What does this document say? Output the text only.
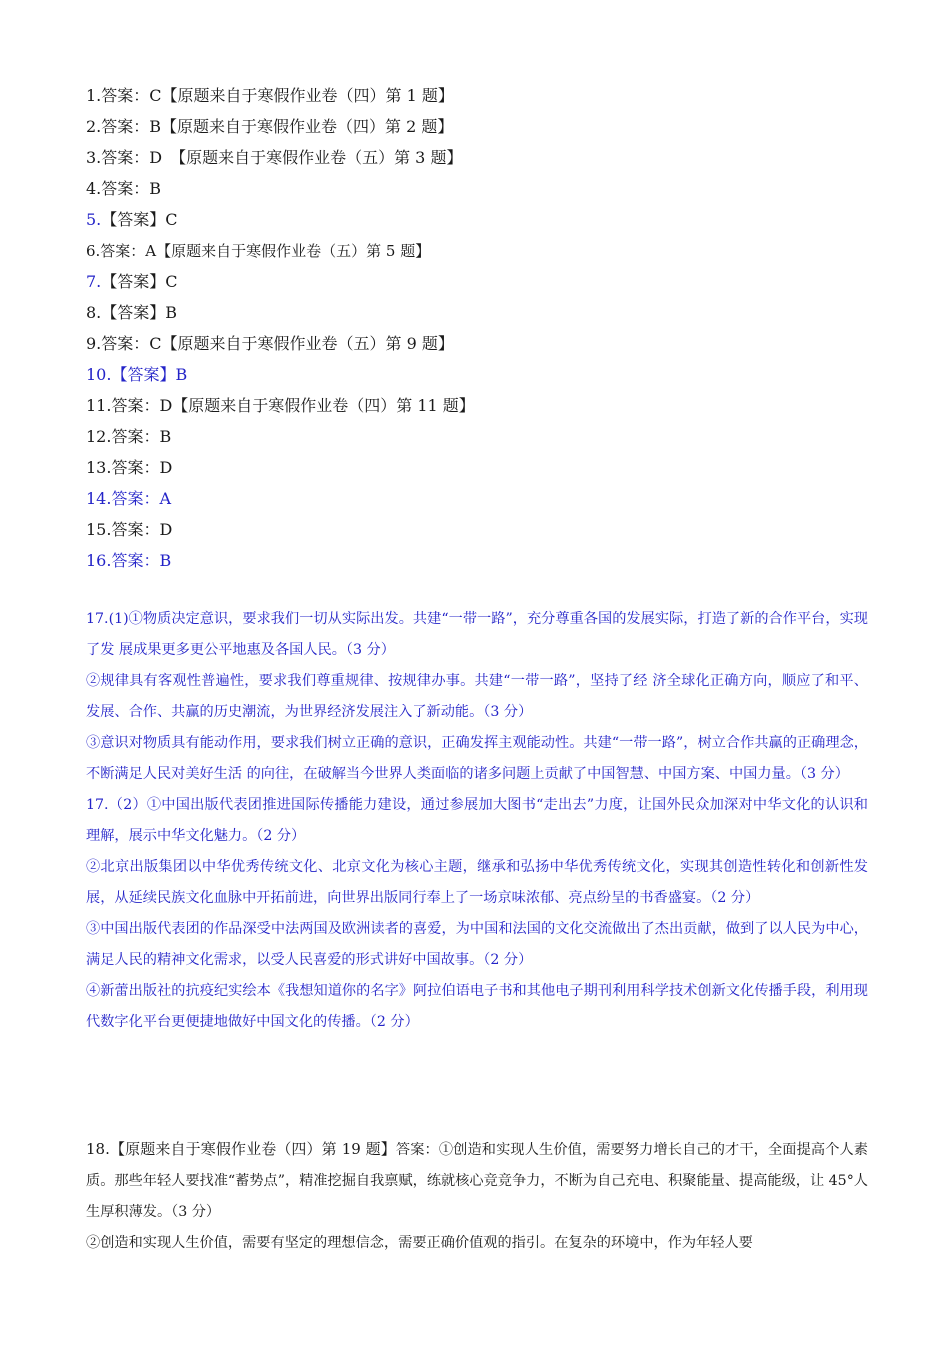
1.答案：C【原题来自于寒假作业卷（四）第 1 题】
2.答案：B【原题来自于寒假作业卷（四）第 2 题】
3.答案：D　【原题来自于寒假作业卷（五）第 3 题】
4.答案：B
5. 【答案】C
6.答案：A【原题来自于寒假作业卷（五）第 5 题】
7. 【答案】C
8.【答案】B
9.答案：C【原题来自于寒假作业卷（五）第 9 题】
10.【答案】B
11.答案：D【原题来自于寒假作业卷（四）第 11 题】
12.答案：B
13.答案：D
14.答案：A
15.答案：D
16.答案：B

17.(1)①物质决定意识，要求我们一切从实际出发。共建“一带一路”，充分尊重各国的发展实际，打造了新的合作平台，实现了发 展成果更多更公平地惠及各国人民。（3 分）

②规律具有客观性普遍性，要求我们尊重规律、按规律办事。共建“一带一路”，坚持了经 济全球化正确方向，顺应了和平、发展、合作、共赢的历史潮流，为世界经济发展注入了新动能。（3 分）

③意识对物质具有能动作用，要求我们树立正确的意识，正确发挥主观能动性。共建“一带一路”，树立合作共赢的正确理念，不断满足人民对美好生活 的向往，在破解当今世界人类面临的诸多问题上贡献了中国智慧、中国方案、中国力量。（3 分）

17.（2）①中国出版代表团推进国际传播能力建设，通过参展加大图书“走出去”力度，让国外民众加深对中华文化的认识和理解，展示中华文化魅力。（2 分）

②北京出版集团以中华优秀传统文化、北京文化为核心主题，继承和弘扬中华优秀传统文化，实现其创造性转化和创新性发展，从延续民族文化血脉中开拓前进，向世界出版同行奉上了一场京味浓郁、亮点纷呈的书香盛宴。（2 分）

③中国出版代表团的作品深受中法两国及欧洲读者的喜爱，为中国和法国的文化交流做出了杰出贡献，做到了以人民为中心，满足人民的精神文化需求，以受人民喜爱的形式讲好中国故事。（2 分）

④新蕾出版社的抗疫纪实绘本《我想知道你的名字》阿拉伯语电子书和其他电子期刊利用科学技术创新文化传播手段，利用现代数字化平台更便捷地做好中国文化的传播。（2 分）

18.【原题来自于寒假作业卷（四）第 19 题】答案：①创造和实现人生价值，需要努力增长自己的才干，全面提高个人素质。那些年轻人要找准“蓄势点”，精准挖掘自我禀赋，练就核心竞竞争力，不断为自己充电、积聚能量、提高能级，让 45°人生厚积薄发。（3 分）

②创造和实现人生价值，需要有坚定的理想信念，需要正确价值观的指引。在复杂的环境中，作为年轻人要
